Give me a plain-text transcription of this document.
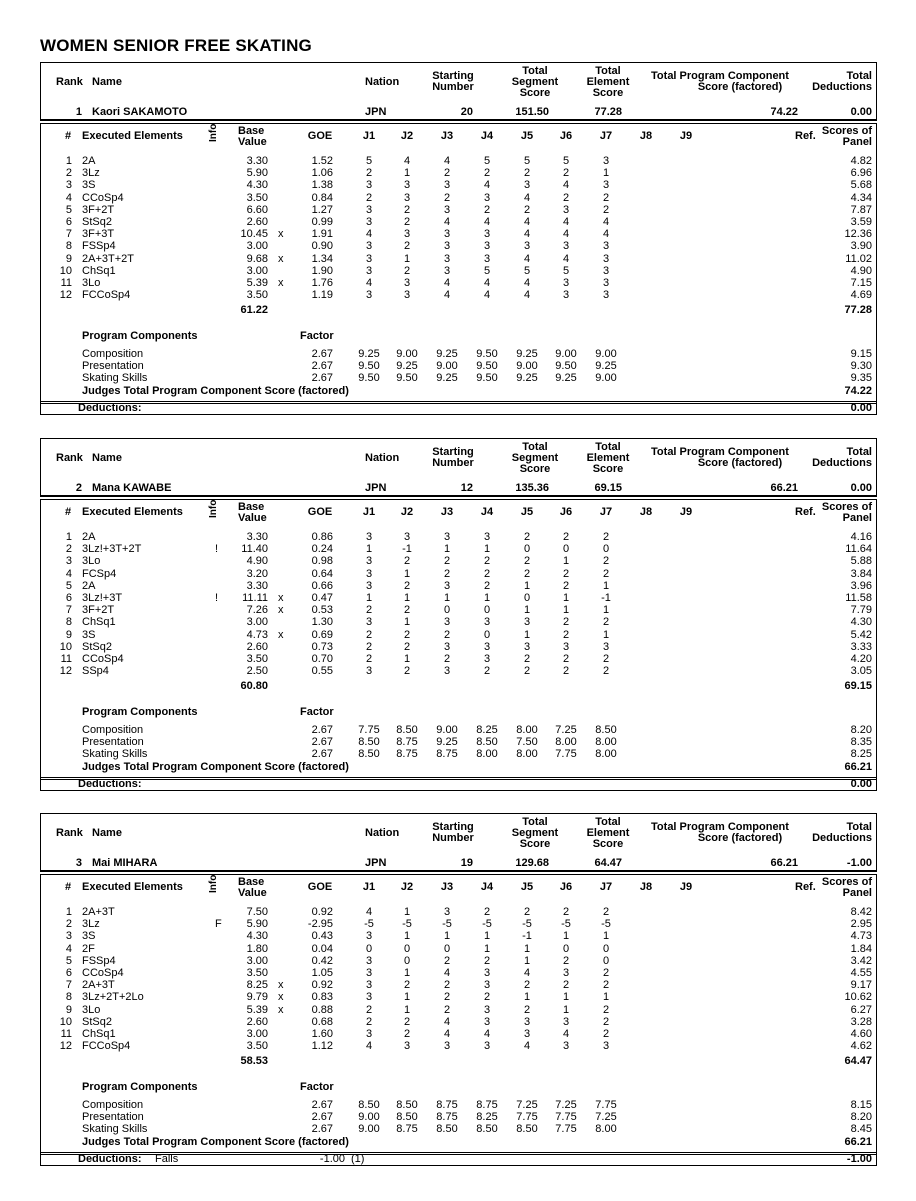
WOMEN SENIOR FREE SKATING
Rank Name	Nation	Starting
Number
Total
Segment
Score
Total
Element
Score
Total Program Component
Score (factored)
Total
Deductions
1 Kaori SAKAMOTO	JPN	20	151.50	77.28	74.22	0.00
# Executed Elements	Info Base
Value	GOE	J1	J2	J3	J4	J5	J6	J7	J8	J9	Ref. Scores of
Panel
1 2A	3.30	1.52	5	4	4	5	5	5	3	4.82
2 3Lz	5.90	1.06	2	1	2	2	2	2	1	6.96
3 3S	4.30	1.38	3	3	3	4	3	4	3	5.68
4 CCoSp4	3.50	0.84	2	3	2	3	4	2	2	4.34
5 3F+2T	6.60	1.27	3	2	3	2	2	3	2	7.87
6 StSq2	2.60	0.99	3	2	4	4	4	4	4	3.59
7 3F+3T	10.45 x	1.91	4	3	3	3	4	4	4	12.36
8 FSSp4	3.00	0.90	3	2	3	3	3	3	3	3.90
9 2A+3T+2T	9.68 x	1.34	3	1	3	3	4	4	3	11.02
10 ChSq1	3.00	1.90	3	2	3	5	5	5	3	4.90
11 3Lo	5.39 x	1.76	4	3	4	4	4	3	3	7.15
12 FCCoSp4	3.50	1.19	3	3	4	4	4	3	3	4.69
61.22	77.28
Program Components	Factor
Composition	2.67	9.25	9.00	9.25	9.50	9.25	9.00	9.00	9.15
Presentation	2.67	9.50	9.25	9.00	9.50	9.00	9.50	9.25	9.30
Skating Skills	2.67	9.50	9.50	9.25	9.50	9.25	9.25	9.00	9.35
Judges Total Program Component Score (factored)	74.22
Deductions:	0.00
Rank Name	Nation	Starting
Number
Total
Segment
Score
Total
Element
Score
Total Program Component
Score (factored)
Total
Deductions
2 Mana KAWABE	JPN	12	135.36	69.15	66.21	0.00
# Executed Elements	Info Base
Value	GOE	J1	J2	J3	J4	J5	J6	J7	J8	J9	Ref. Scores of
Panel
1 2A	3.30	0.86	3	3	3	3	2	2	2	4.16
2 3Lz!+3T+2T	!	11.40	0.24	1	-1	1	1	0	0	0	11.64
3 3Lo	4.90	0.98	3	2	2	2	2	1	2	5.88
4 FCSp4	3.20	0.64	3	1	2	2	2	2	2	3.84
5 2A	3.30	0.66	3	2	3	2	1	2	1	3.96
6 3Lz!+3T	!	11.11 x	0.47	1	1	1	1	0	1	-1	11.58
7 3F+2T	7.26 x	0.53	2	2	0	0	1	1	1	7.79
8 ChSq1	3.00	1.30	3	1	3	3	3	2	2	4.30
9 3S	4.73 x	0.69	2	2	2	0	1	2	1	5.42
10 StSq2	2.60	0.73	2	2	3	3	3	3	3	3.33
11 CCoSp4	3.50	0.70	2	1	2	3	2	2	2	4.20
12 SSp4	2.50	0.55	3	2	3	2	2	2	2	3.05
60.80	69.15
Program Components	Factor
Composition	2.67	7.75	8.50	9.00	8.25	8.00	7.25	8.50	8.20
Presentation	2.67	8.50	8.75	9.25	8.50	7.50	8.00	8.00	8.35
Skating Skills	2.67	8.50	8.75	8.75	8.00	8.00	7.75	8.00	8.25
Judges Total Program Component Score (factored)	66.21
Deductions:	0.00
Rank Name	Nation	Starting
Number
Total
Segment
Score
Total
Element
Score
Total Program Component
Score (factored)
Total
Deductions
3 Mai MIHARA	JPN	19	129.68	64.47	66.21	-1.00
# Executed Elements	Info Base
Value	GOE	J1	J2	J3	J4	J5	J6	J7	J8	J9	Ref. Scores of
Panel
1 2A+3T	7.50	0.92	4	1	3	2	2	2	2	8.42
2 3Lz	F	5.90	-2.95	-5	-5	-5	-5	-5	-5	-5	2.95
3 3S	4.30	0.43	3	1	1	1	-1	1	1	4.73
4 2F	1.80	0.04	0	0	0	1	1	0	0	1.84
5 FSSp4	3.00	0.42	3	0	2	2	1	2	0	3.42
6 CCoSp4	3.50	1.05	3	1	4	3	4	3	2	4.55
7 2A+3T	8.25 x	0.92	3	2	2	3	2	2	2	9.17
8 3Lz+2T+2Lo	9.79 x	0.83	3	1	2	2	1	1	1	10.62
9 3Lo	5.39 x	0.88	2	1	2	3	2	1	2	6.27
10 StSq2	2.60	0.68	2	2	4	3	3	3	2	3.28
11 ChSq1	3.00	1.60	3	2	4	4	3	4	2	4.60
12 FCCoSp4	3.50	1.12	4	3	3	3	4	3	3	4.62
58.53	64.47
Program Components	Factor
Composition	2.67	8.50	8.50	8.75	8.75	7.25	7.25	7.75	8.15
Presentation	2.67	9.00	8.50	8.75	8.25	7.75	7.75	7.25	8.20
Skating Skills	2.67	9.00	8.75	8.50	8.50	8.50	7.75	8.00	8.45
Judges Total Program Component Score (factored)	66.21
Deductions: Falls	-1.00 (1)	-1.00
